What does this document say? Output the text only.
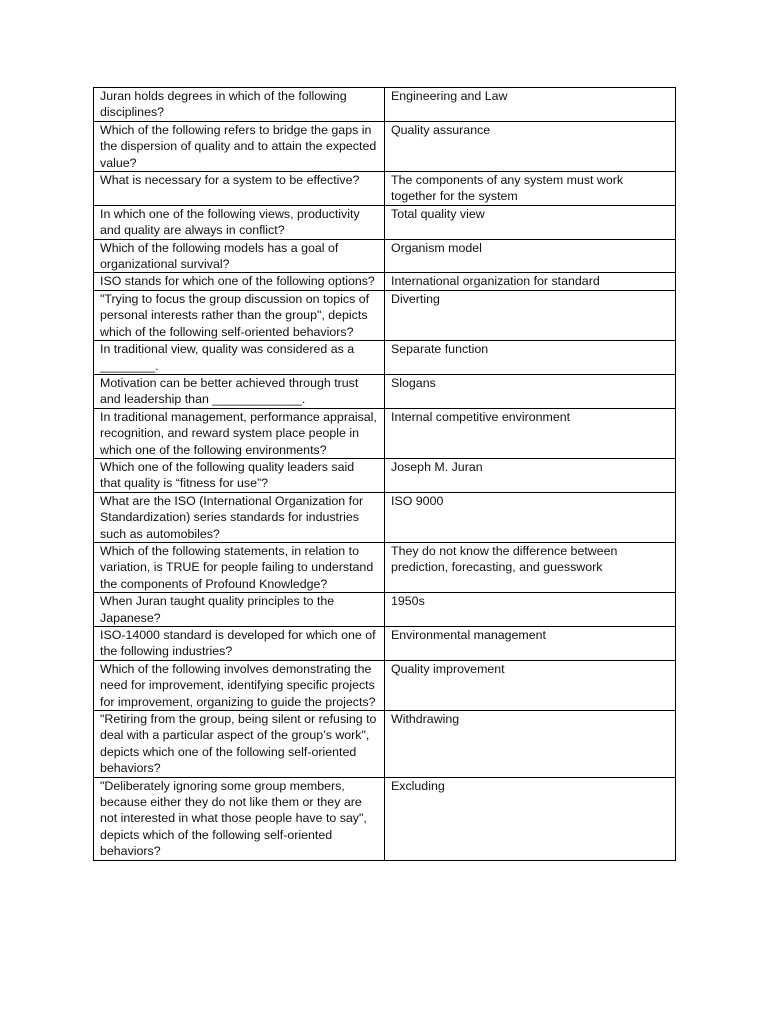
Juran holds degrees in which of the following disciplines?	Engineering and Law
Which of the following refers to bridge the gaps in the dispersion of quality and to attain the expected value?	Quality assurance
What is necessary for a system to be effective?	The components of any system must work together for the system
In which one of the following views, productivity and quality are always in conflict?	Total quality view
Which of the following models has a goal of organizational survival?	Organism model
ISO stands for which one of the following options?	International organization for standard
"Trying to focus the group discussion on topics of personal interests rather than the group", depicts which of the following self-oriented behaviors?	Diverting
In traditional view, quality was considered as a ________.	Separate function
Motivation can be better achieved through trust and leadership than _____________.	Slogans
In traditional management, performance appraisal, recognition, and reward system place people in which one of the following environments?	Internal competitive environment
Which one of the following quality leaders said that quality is “fitness for use”?	Joseph M. Juran
What are the ISO (International Organization for Standardization) series standards for industries such as automobiles?	ISO 9000
Which of the following statements, in relation to variation, is TRUE for people failing to understand the components of Profound Knowledge?	They do not know the difference between prediction, forecasting, and guesswork
When Juran taught quality principles to the Japanese?	1950s
ISO-14000 standard is developed for which one of the following industries?	Environmental management
Which of the following involves demonstrating the need for improvement, identifying specific projects for improvement, organizing to guide the projects?	Quality improvement
"Retiring from the group, being silent or refusing to deal with a particular aspect of the group’s work", depicts which one of the following self-oriented behaviors?	Withdrawing
"Deliberately ignoring some group members, because either they do not like them or they are not interested in what those people have to say", depicts which of the following self-oriented behaviors?	Excluding
